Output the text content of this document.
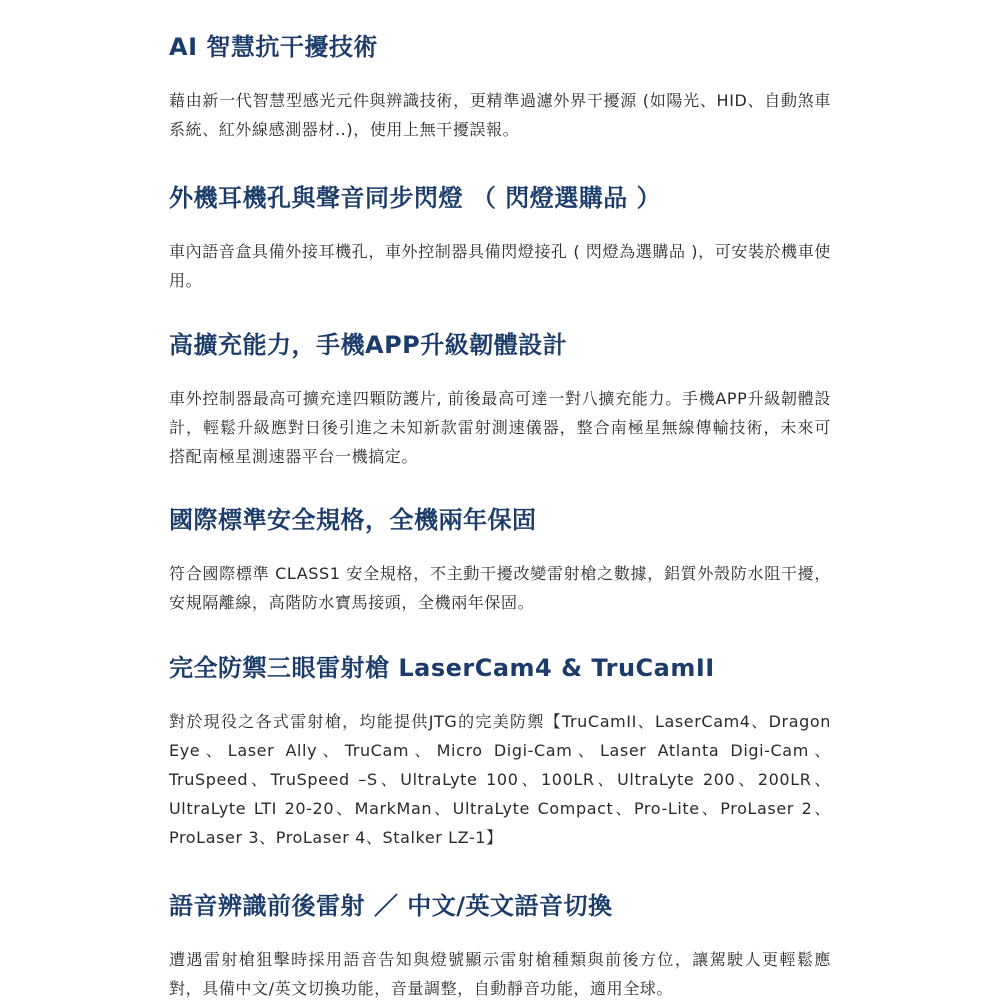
AI 智慧抗干擾技術

藉由新一代智慧型感光元件與辨識技術，更精準過濾外界干擾源 (如陽光、HID、自動煞車系統、紅外線感測器材..)，使用上無干擾誤報。

外機耳機孔與聲音同步閃燈 （ 閃燈選購品 ）

車內語音盒具備外接耳機孔，車外控制器具備閃燈接孔 ( 閃燈為選購品 )，可安裝於機車使用。

高擴充能力，手機APP升級韌體設計

車外控制器最高可擴充達四顆防護片, 前後最高可達一對八擴充能力。手機APP升級韌體設計，輕鬆升級應對日後引進之未知新款雷射測速儀器，整合南極星無線傳輸技術，未來可搭配南極星測速器平台一機搞定。

國際標準安全規格，全機兩年保固

符合國際標準 CLASS1 安全規格，不主動干擾改變雷射槍之數據，鋁質外殼防水阻干擾，安規隔離線，高階防水寶馬接頭，全機兩年保固。

完全防禦三眼雷射槍 LaserCam4 & TruCamII

對於現役之各式雷射槍，均能提供JTG的完美防禦【TruCamII、LaserCam4、Dragon Eye、Laser Ally、TruCam、Micro Digi-Cam、Laser Atlanta Digi-Cam、TruSpeed、TruSpeed –S、UltraLyte 100、100LR、UltraLyte 200、200LR、UltraLyte LTI 20-20、MarkMan、UltraLyte Compact、Pro-Lite、ProLaser 2、ProLaser 3、ProLaser 4、Stalker LZ-1】

語音辨識前後雷射 ／ 中文/英文語音切換

遭遇雷射槍狙擊時採用語音告知與燈號顯示雷射槍種類與前後方位，讓駕駛人更輕鬆應對，具備中文/英文切換功能，音量調整，自動靜音功能，適用全球。
